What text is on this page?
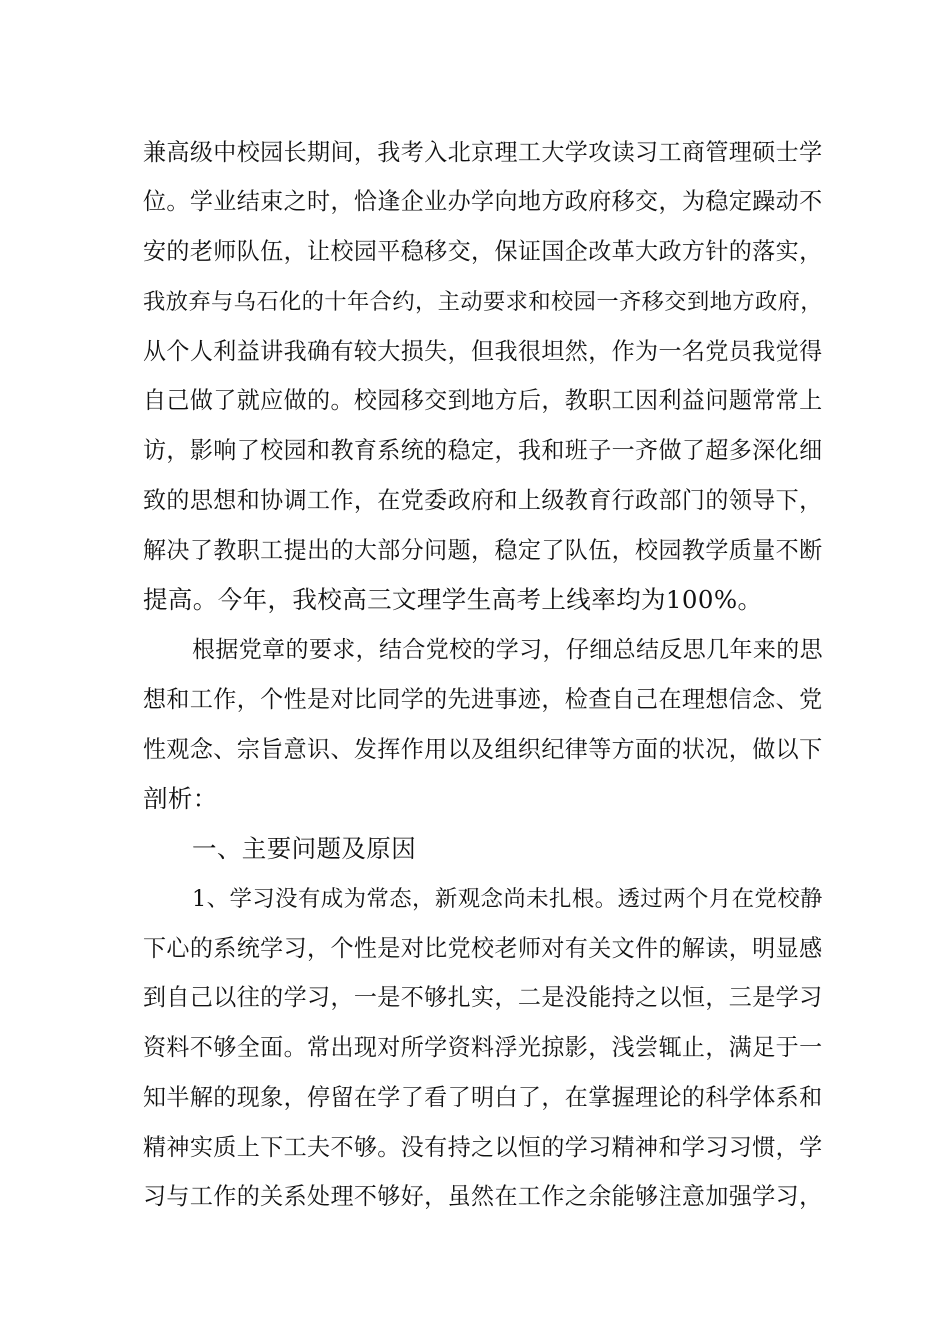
兼高级中校园长期间，我考入北京理工大学攻读习工商管理硕士学
位。学业结束之时，恰逢企业办学向地方政府移交，为稳定躁动不
安的老师队伍，让校园平稳移交，保证国企改革大政方针的落实，
我放弃与乌石化的十年合约，主动要求和校园一齐移交到地方政府，
从个人利益讲我确有较大损失，但我很坦然，作为一名党员我觉得
自己做了就应做的。校园移交到地方后，教职工因利益问题常常上
访，影响了校园和教育系统的稳定，我和班子一齐做了超多深化细
致的思想和协调工作，在党委政府和上级教育行政部门的领导下，
解决了教职工提出的大部分问题，稳定了队伍，校园教学质量不断
提高。今年，我校高三文理学生高考上线率均为100%。
根据党章的要求，结合党校的学习，仔细总结反思几年来的思
想和工作，个性是对比同学的先进事迹，检查自己在理想信念、党
性观念、宗旨意识、发挥作用以及组织纪律等方面的状况，做以下
剖析：
一、主要问题及原因
1、学习没有成为常态，新观念尚未扎根。透过两个月在党校静
下心的系统学习，个性是对比党校老师对有关文件的解读，明显感
到自己以往的学习，一是不够扎实，二是没能持之以恒，三是学习
资料不够全面。常出现对所学资料浮光掠影，浅尝辄止，满足于一
知半解的现象，停留在学了看了明白了，在掌握理论的科学体系和
精神实质上下工夫不够。没有持之以恒的学习精神和学习习惯，学
习与工作的关系处理不够好，虽然在工作之余能够注意加强学习，
